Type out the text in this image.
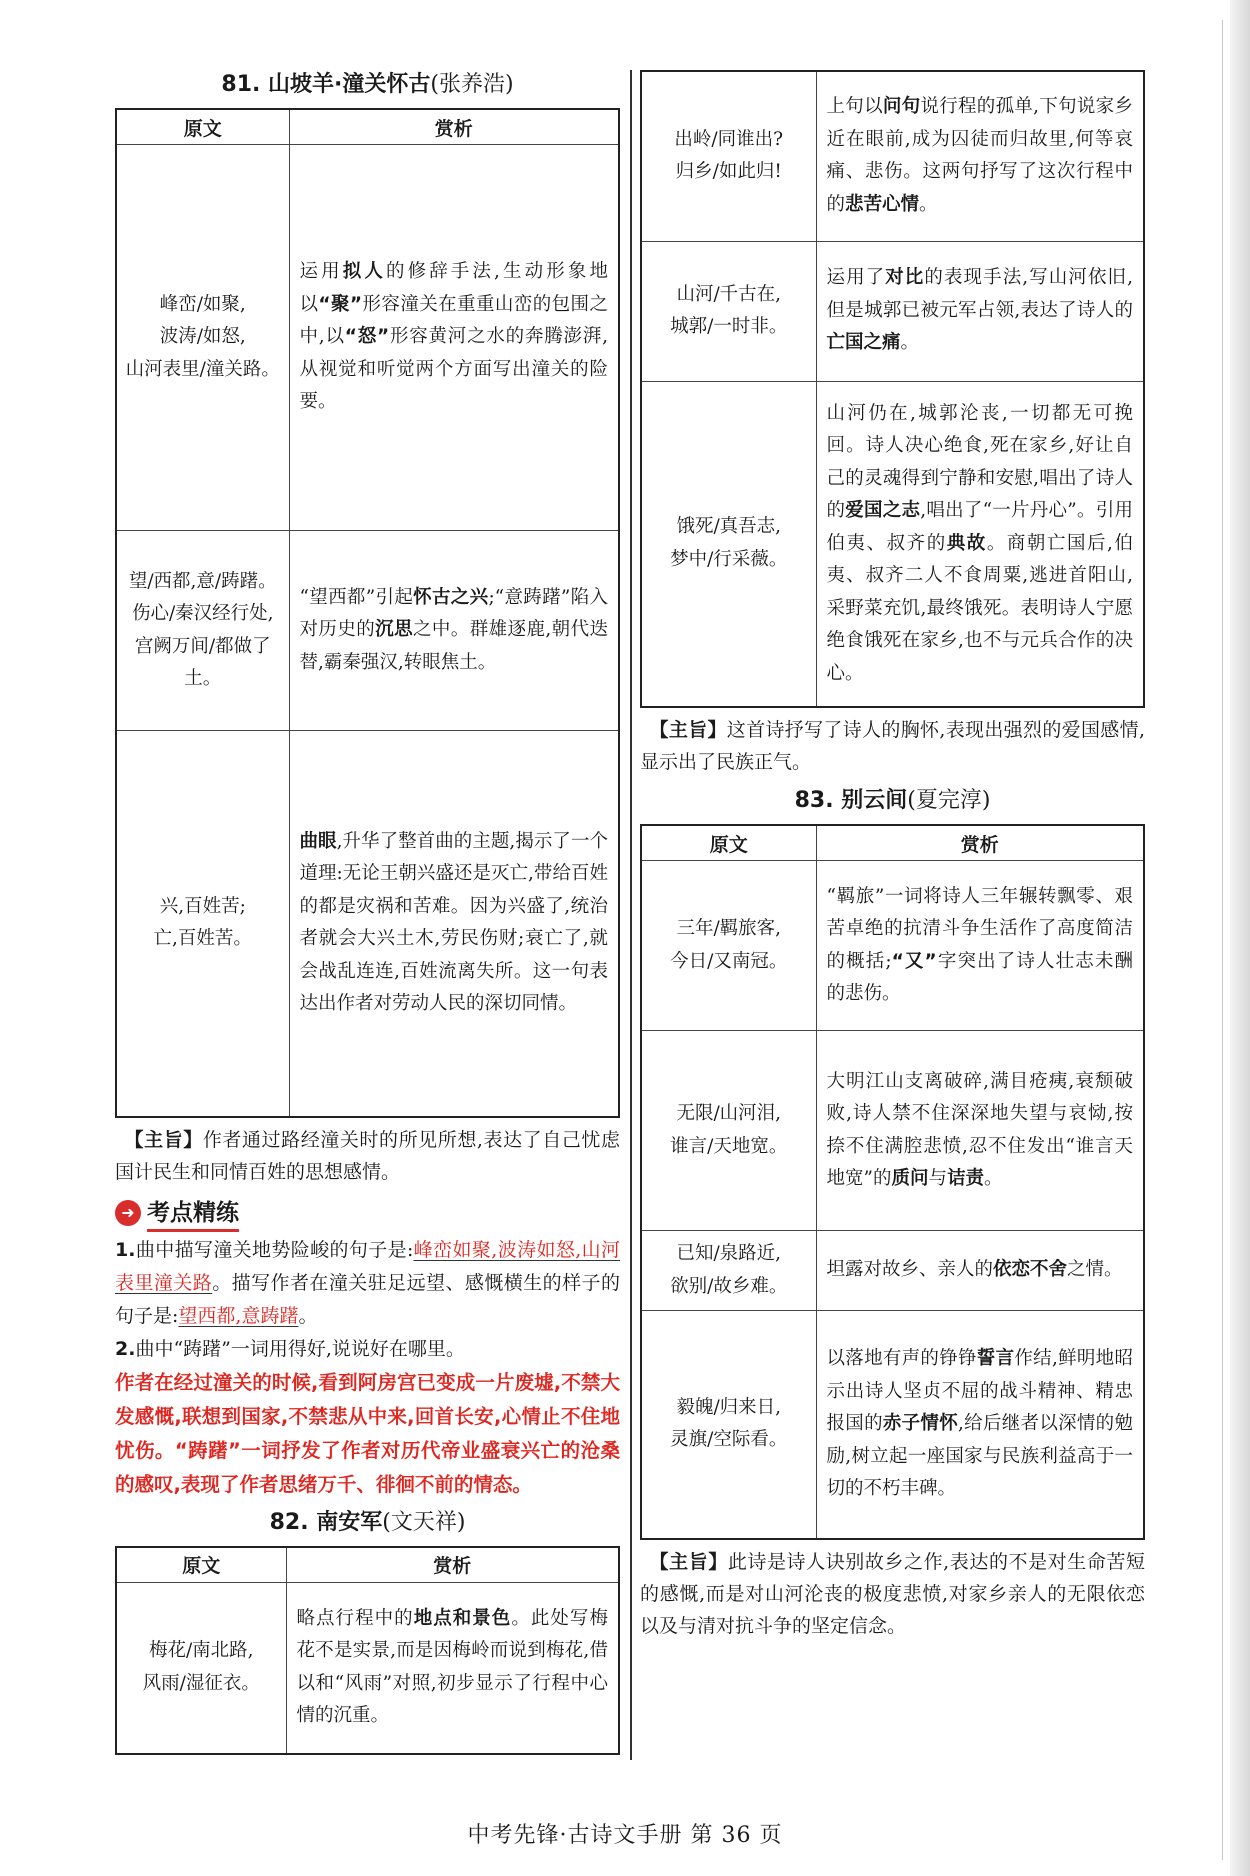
81. 山坡羊·潼关怀古(张养浩)
原文	赏析

峰峦/如聚,
波涛/如怒,
山河表里/潼关路。	运用拟人的修辞手法,生动形象地以“聚”形容潼关在重重山峦的包围之中,以“怒”形容黄河之水的奔腾澎湃,从视觉和听觉两个方面写出潼关的险要。

望/西都,意/踌躇。
伤心/秦汉经行处,
宫阙万间/都做了土。	“望西都”引起怀古之兴;“意踌躇”陷入对历史的沉思之中。群雄逐鹿,朝代迭替,霸秦强汉,转眼焦土。

兴,百姓苦;
亡,百姓苦。	曲眼,升华了整首曲的主题,揭示了一个道理:无论王朝兴盛还是灭亡,带给百姓的都是灾祸和苦难。因为兴盛了,统治者就会大兴土木,劳民伤财;衰亡了,就会战乱连连,百姓流离失所。这一句表达出作者对劳动人民的深切同情。
【主旨】作者通过路经潼关时的所见所想,表达了自己忧虑国计民生和同情百姓的思想感情。
➜ 考点精练
1.曲中描写潼关地势险峻的句子是:峰峦如聚,波涛如怒,山河表里潼关路。描写作者在潼关驻足远望、感慨横生的样子的句子是:望西都,意踌躇。
2.曲中“踌躇”一词用得好,说说好在哪里。
作者在经过潼关的时候,看到阿房宫已变成一片废墟,不禁大发感慨,联想到国家,不禁悲从中来,回首长安,心情止不住地忧伤。“踌躇”一词抒发了作者对历代帝业盛衰兴亡的沧桑的感叹,表现了作者思绪万千、徘徊不前的情态。
82. 南安军(文天祥)
原文	赏析

梅花/南北路,
风雨/湿征衣。	略点行程中的地点和景色。此处写梅花不是实景,而是因梅岭而说到梅花,借以和“风雨”对照,初步显示了行程中心情的沉重。
出岭/同谁出?
归乡/如此归!	上句以问句说行程的孤单,下句说家乡近在眼前,成为囚徒而归故里,何等哀痛、悲伤。这两句抒写了这次行程中的悲苦心情。

山河/千古在,
城郭/一时非。	运用了对比的表现手法,写山河依旧,但是城郭已被元军占领,表达了诗人的亡国之痛。

饿死/真吾志,
梦中/行采薇。	山河仍在,城郭沦丧,一切都无可挽回。诗人决心绝食,死在家乡,好让自己的灵魂得到宁静和安慰,唱出了诗人的爱国之志,唱出了“一片丹心”。引用伯夷、叔齐的典故。商朝亡国后,伯夷、叔齐二人不食周粟,逃进首阳山,采野菜充饥,最终饿死。表明诗人宁愿绝食饿死在家乡,也不与元兵合作的决心。
【主旨】这首诗抒写了诗人的胸怀,表现出强烈的爱国感情,显示出了民族正气。
83. 别云间(夏完淳)
原文	赏析

三年/羁旅客,
今日/又南冠。	“羁旅”一词将诗人三年辗转飘零、艰苦卓绝的抗清斗争生活作了高度简洁的概括;“又”字突出了诗人壮志未酬的悲伤。

无限/山河泪,
谁言/天地宽。	大明江山支离破碎,满目疮痍,衰颓破败,诗人禁不住深深地失望与哀恸,按捺不住满腔悲愤,忍不住发出“谁言天地宽”的质问与诘责。

已知/泉路近,
欲别/故乡难。	坦露对故乡、亲人的依恋不舍之情。

毅魄/归来日,
灵旗/空际看。	以落地有声的铮铮誓言作结,鲜明地昭示出诗人坚贞不屈的战斗精神、精忠报国的赤子情怀,给后继者以深情的勉励,树立起一座国家与民族利益高于一切的不朽丰碑。
【主旨】此诗是诗人诀别故乡之作,表达的不是对生命苦短的感慨,而是对山河沦丧的极度悲愤,对家乡亲人的无限依恋以及与清对抗斗争的坚定信念。
中考先锋·古诗文手册 第 36 页
